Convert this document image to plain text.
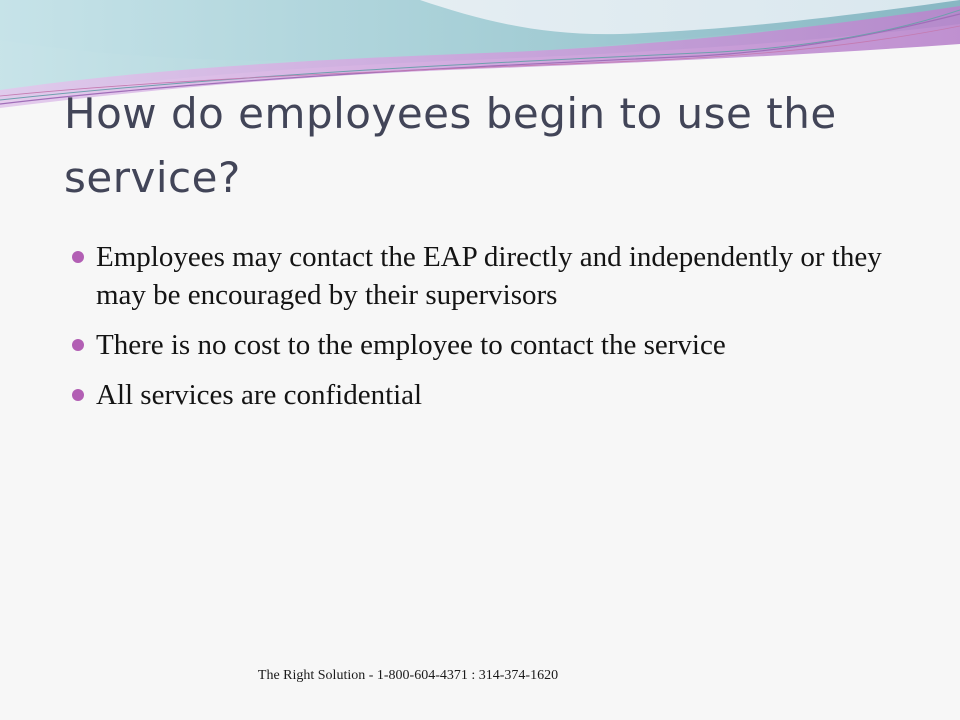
How do employees begin to use the service?
Employees may contact the EAP directly and independently or they may be encouraged by their supervisors
There is no cost to the employee to contact the service
All services are confidential
The Right Solution - 1-800-604-4371 : 314-374-1620
